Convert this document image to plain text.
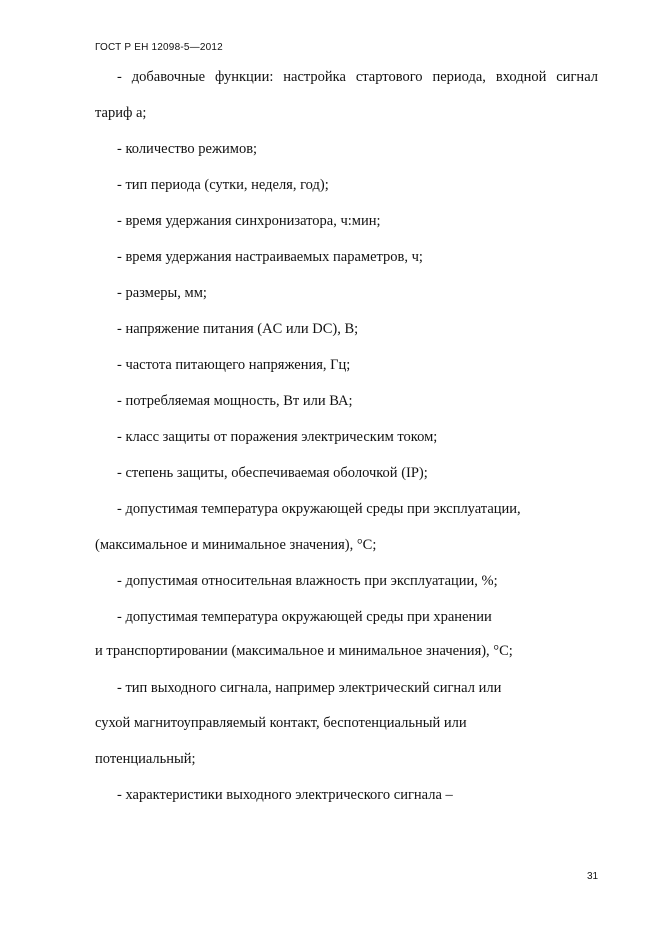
ГОСТ Р ЕН 12098-5—2012
- добавочные функции: настройка стартового периода, входной сигнал
тариф а;
- количество режимов;
- тип периода (сутки, неделя, год);
- время удержания синхронизатора, ч:мин;
- время удержания настраиваемых параметров, ч;
- размеры, мм;
- напряжение питания (AC или DC), В;
- частота питающего напряжения, Гц;
- потребляемая мощность, Вт или ВА;
- класс защиты от поражения электрическим током;
- степень защиты, обеспечиваемая оболочкой (IP);
- допустимая температура окружающей среды при эксплуатации,
(максимальное и минимальное значения), °С;
- допустимая относительная влажность при эксплуатации, %;
- допустимая температура окружающей среды при хранении
и транспортировании (максимальное и минимальное значения), °С;
- тип выходного сигнала, например электрический сигнал или
сухой магнитоуправляемый контакт, беспотенциальный или
потенциальный;
- характеристики выходного электрического сигнала –
31
